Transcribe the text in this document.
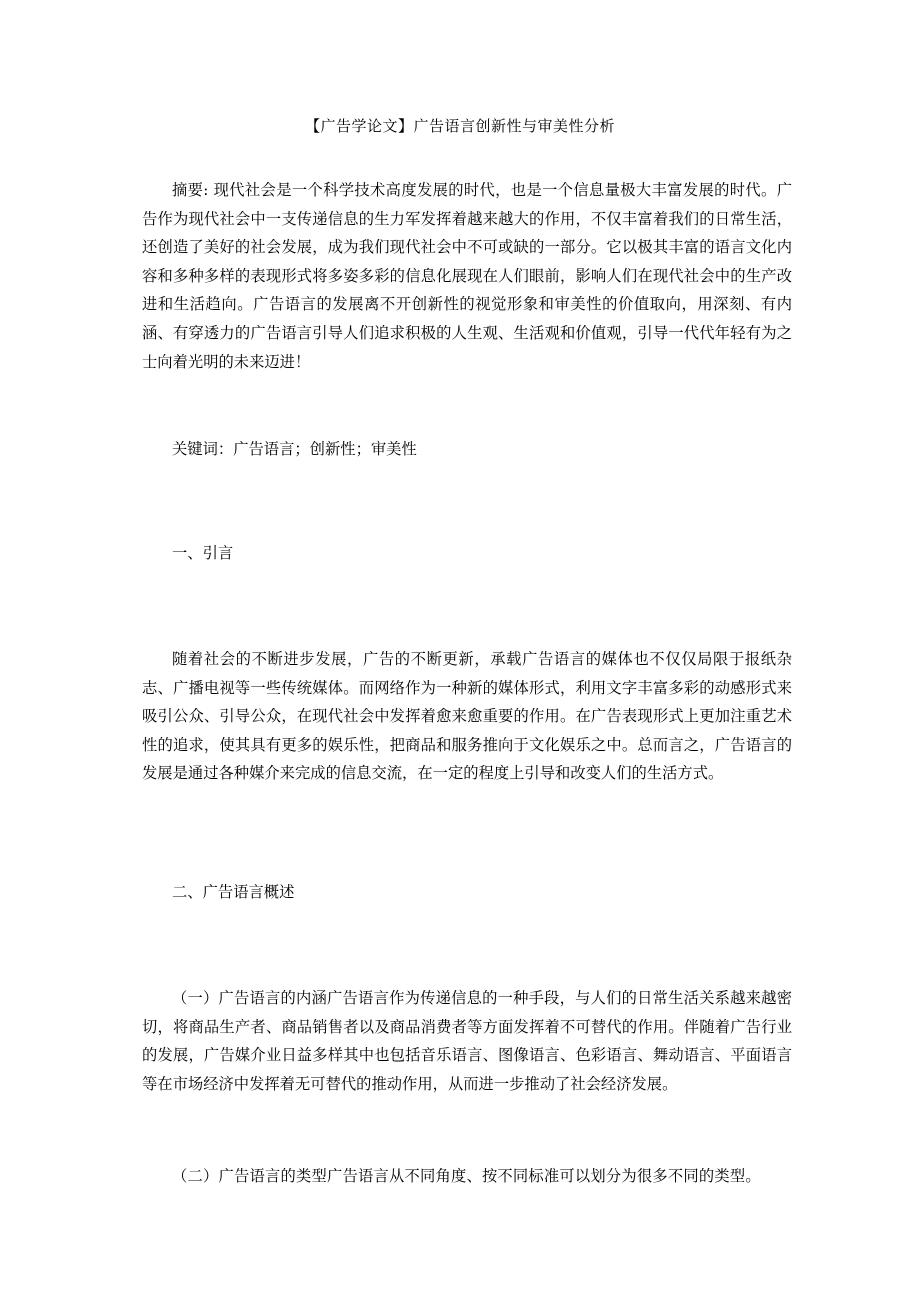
【广告学论文】广告语言创新性与审美性分析
摘要: 现代社会是一个科学技术高度发展的时代，也是一个信息量极大丰富发展的时代。广告作为现代社会中一支传递信息的生力军发挥着越来越大的作用，不仅丰富着我们的日常生活，还创造了美好的社会发展，成为我们现代社会中不可或缺的一部分。它以极其丰富的语言文化内容和多种多样的表现形式将多姿多彩的信息化展现在人们眼前，影响人们在现代社会中的生产改进和生活趋向。广告语言的发展离不开创新性的视觉形象和审美性的价值取向，用深刻、有内涵、有穿透力的广告语言引导人们追求积极的人生观、生活观和价值观，引导一代代年轻有为之士向着光明的未来迈进！
关键词：广告语言；创新性；审美性
一、引言
随着社会的不断进步发展，广告的不断更新，承载广告语言的媒体也不仅仅局限于报纸杂志、广播电视等一些传统媒体。而网络作为一种新的媒体形式，利用文字丰富多彩的动感形式来吸引公众、引导公众，在现代社会中发挥着愈来愈重要的作用。在广告表现形式上更加注重艺术性的追求，使其具有更多的娱乐性，把商品和服务推向于文化娱乐之中。总而言之，广告语言的发展是通过各种媒介来完成的信息交流，在一定的程度上引导和改变人们的生活方式。
二、广告语言概述
（一）广告语言的内涵广告语言作为传递信息的一种手段，与人们的日常生活关系越来越密切，将商品生产者、商品销售者以及商品消费者等方面发挥着不可替代的作用。伴随着广告行业的发展，广告媒介业日益多样其中也包括音乐语言、图像语言、色彩语言、舞动语言、平面语言等在市场经济中发挥着无可替代的推动作用，从而进一步推动了社会经济发展。
（二）广告语言的类型广告语言从不同角度、按不同标准可以划分为很多不同的类型。
